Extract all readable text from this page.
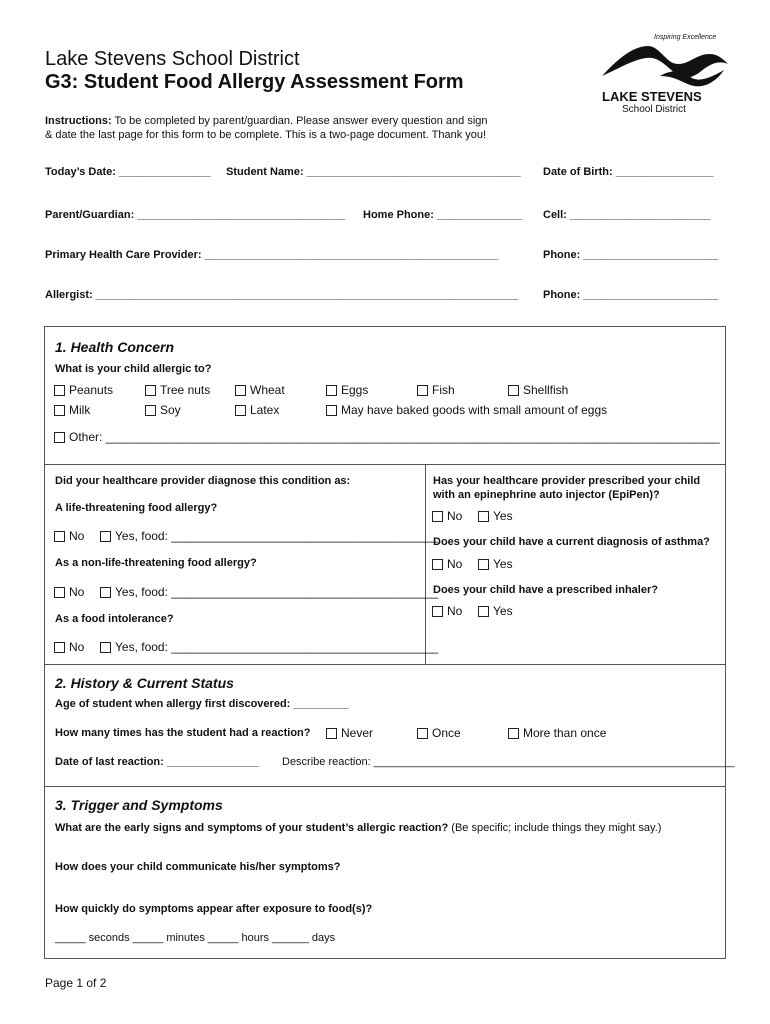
Lake Stevens School District
G3: Student Food Allergy Assessment Form
Inspiring Excellence
LAKE STEVENS
School District
Instructions: To be completed by parent/guardian. Please answer every question and sign
& date the last page for this form to be complete. This is a two-page document. Thank you!
Today’s Date: _______________ Student Name: ___________________________________ Date of Birth: ________________
Parent/Guardian: __________________________________ Home Phone: ______________ Cell: _______________________
Primary Health Care Provider: ________________________________________________	Phone: ______________________
Allergist: _____________________________________________________________________ Phone: ______________________
1. Health Concern
What is your child allergic to?
Peanuts	Tree nuts	Wheat	Eggs	Fish	Shellfish
Milk	Soy	Latex	May have baked goods with small amount of eggs
Other: ____________________________________________________________________________________________
Did your healthcare provider diagnose this condition as:
A life-threatening food allergy?
No	Yes, food: ________________________________________
As a non-life-threatening food allergy?
No	Yes, food: ________________________________________
As a food intolerance?
No	Yes, food: ________________________________________
Has your healthcare provider prescribed your child
with an epinephrine auto injector (EpiPen)?
No	Yes
Does your child have a current diagnosis of asthma?
No	Yes
Does your child have a prescribed inhaler?
No	Yes
2. History & Current Status
Age of student when allergy first discovered: _________
How many times has the student had a reaction?	Never	Once	More than once
Date of last reaction: _______________ Describe reaction: ___________________________________________________________
3. Trigger and Symptoms
What are the early signs and symptoms of your student’s allergic reaction? (Be specific; include things they might say.)
How does your child communicate his/her symptoms?
How quickly do symptoms appear after exposure to food(s)?
_____ seconds _____ minutes _____ hours ______ days
Page 1 of 2
